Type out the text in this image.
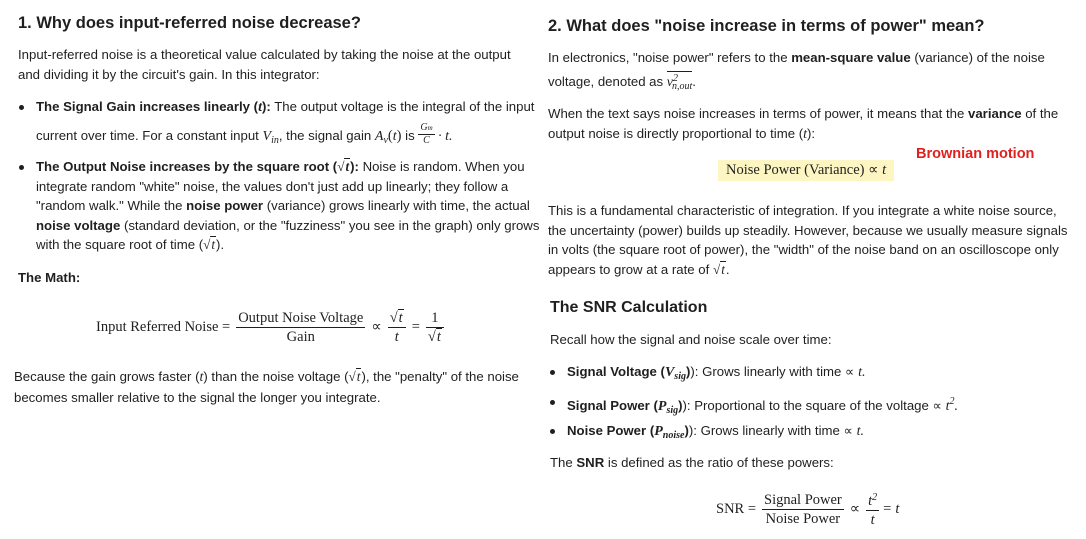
1. Why does input-referred noise decrease?
Input-referred noise is a theoretical value calculated by taking the noise at the output and dividing it by the circuit's gain. In this integrator:
The Signal Gain increases linearly (t): The output voltage is the integral of the input
current over time. For a constant input $V_{in}$, the signal gain $A_v(t)$ is $\frac{Gm}{C} \cdot t$.
The Output Noise increases by the square root (√t): Noise is random. When you
integrate random "white" noise, the values don't just add up linearly; they follow a
"random walk." While the noise power (variance) grows linearly with time, the actual
noise voltage (standard deviation, or the "fuzziness" you see in the graph) only grows
with the square root of time (√t).
The Math:
Input Referred Noise = $\frac{\text{Output Noise Voltage}}{\text{Gain}} \propto \frac{√t}{t} = \frac{1}{√t}$
Because the gain grows faster (t) than the noise voltage (√t), the "penalty" of the noise
becomes smaller relative to the signal the longer you integrate.
2. What does "noise increase in terms of power" mean?
In electronics, "noise power" refers to the mean-square value (variance) of the noise
voltage, denoted as $v^2_{n,out}$.
When the text says noise increases in terms of power, it means that the variance of the
output noise is directly proportional to time (t):
Brownian motion
Noise Power (Variance) ∝ t
This is a fundamental characteristic of integration. If you integrate a white noise source,
the uncertainty (power) builds up steadily. However, because we usually measure signals
in volts (the square root of power), the "width" of the noise band on an oscilloscope only
appears to grow at a rate of √t.
The SNR Calculation
Recall how the signal and noise scale over time:
Signal Voltage $(V_{sig})$): Grows linearly with time ∝ t.
Signal Power $(P_{sig})$): Proportional to the square of the voltage ∝ $t^2$.
Noise Power $(P_{noise})$): Grows linearly with time ∝ t.
The SNR is defined as the ratio of these powers:
SNR = $\frac{\text{Signal Power}}{\text{Noise Power}} \propto \frac{t^2}{t} = t$
